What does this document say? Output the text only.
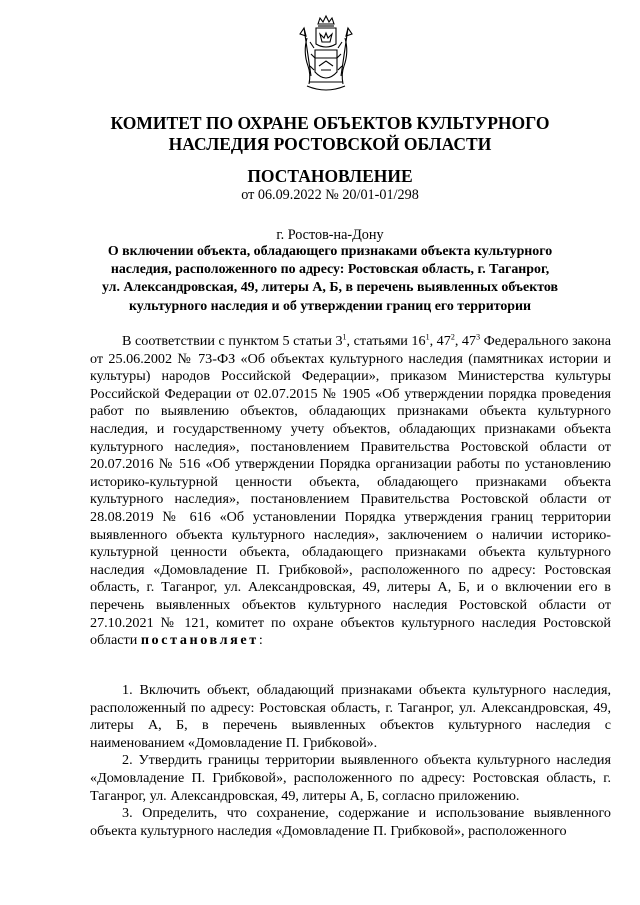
КОМИТЕТ ПО ОХРАНЕ ОБЪЕКТОВ КУЛЬТУРНОГО
НАСЛЕДИЯ РОСТОВСКОЙ ОБЛАСТИ
ПОСТАНОВЛЕНИЕ
от 06.09.2022 № 20/01-01/298
г. Ростов-на-Дону
О включении объекта, обладающего признаками объекта культурного
наследия, расположенного по адресу: Ростовская область, г. Таганрог,
ул. Александровская, 49, литеры А, Б, в перечень выявленных объектов
культурного наследия и об утверждении границ его территории

В соответствии с пунктом 5 статьи $3^1$, статьями $16^1$, $47^2$, $47^3$ Федерального закона от 25.06.2002 № 73-ФЗ «Об объектах культурного наследия (памятниках истории и культуры) народов Российской Федерации», приказом Министерства культуры Российской Федерации от 02.07.2015 № 1905 «Об утверждении порядка проведения работ по выявлению объектов, обладающих признаками объекта культурного наследия, и государственному учету объектов, обладающих признаками объекта культурного наследия», постановлением Правительства Ростовской области от 20.07.2016 № 516 «Об утверждении Порядка организации работы по установлению историко-культурной ценности объекта, обладающего признаками объекта культурного наследия», постановлением Правительства Ростовской области от 28.08.2019 № 616 «Об установлении Порядка утверждения границ территории выявленного объекта культурного наследия», заключением о наличии историко-культурной ценности объекта, обладающего признаками объекта культурного наследия «Домовладение П. Грибковой», расположенного по адресу: Ростовская область, г. Таганрог, ул. Александровская, 49, литеры А, Б, и о включении его в перечень выявленных объектов культурного наследия Ростовской области от 27.10.2021 № 121, комитет по охране объектов культурного наследия Ростовской области постановляет:

1. Включить объект, обладающий признаками объекта культурного наследия, расположенный по адресу: Ростовская область, г. Таганрог, ул. Александровская, 49, литеры А, Б, в перечень выявленных объектов культурного наследия с наименованием «Домовладение П. Грибковой».

2. Утвердить границы территории выявленного объекта культурного наследия «Домовладение П. Грибковой», расположенного по адресу: Ростовская область, г. Таганрог, ул. Александровская, 49, литеры А, Б, согласно приложению.

3. Определить, что сохранение, содержание и использование выявленного объекта культурного наследия «Домовладение П. Грибковой», расположенного
